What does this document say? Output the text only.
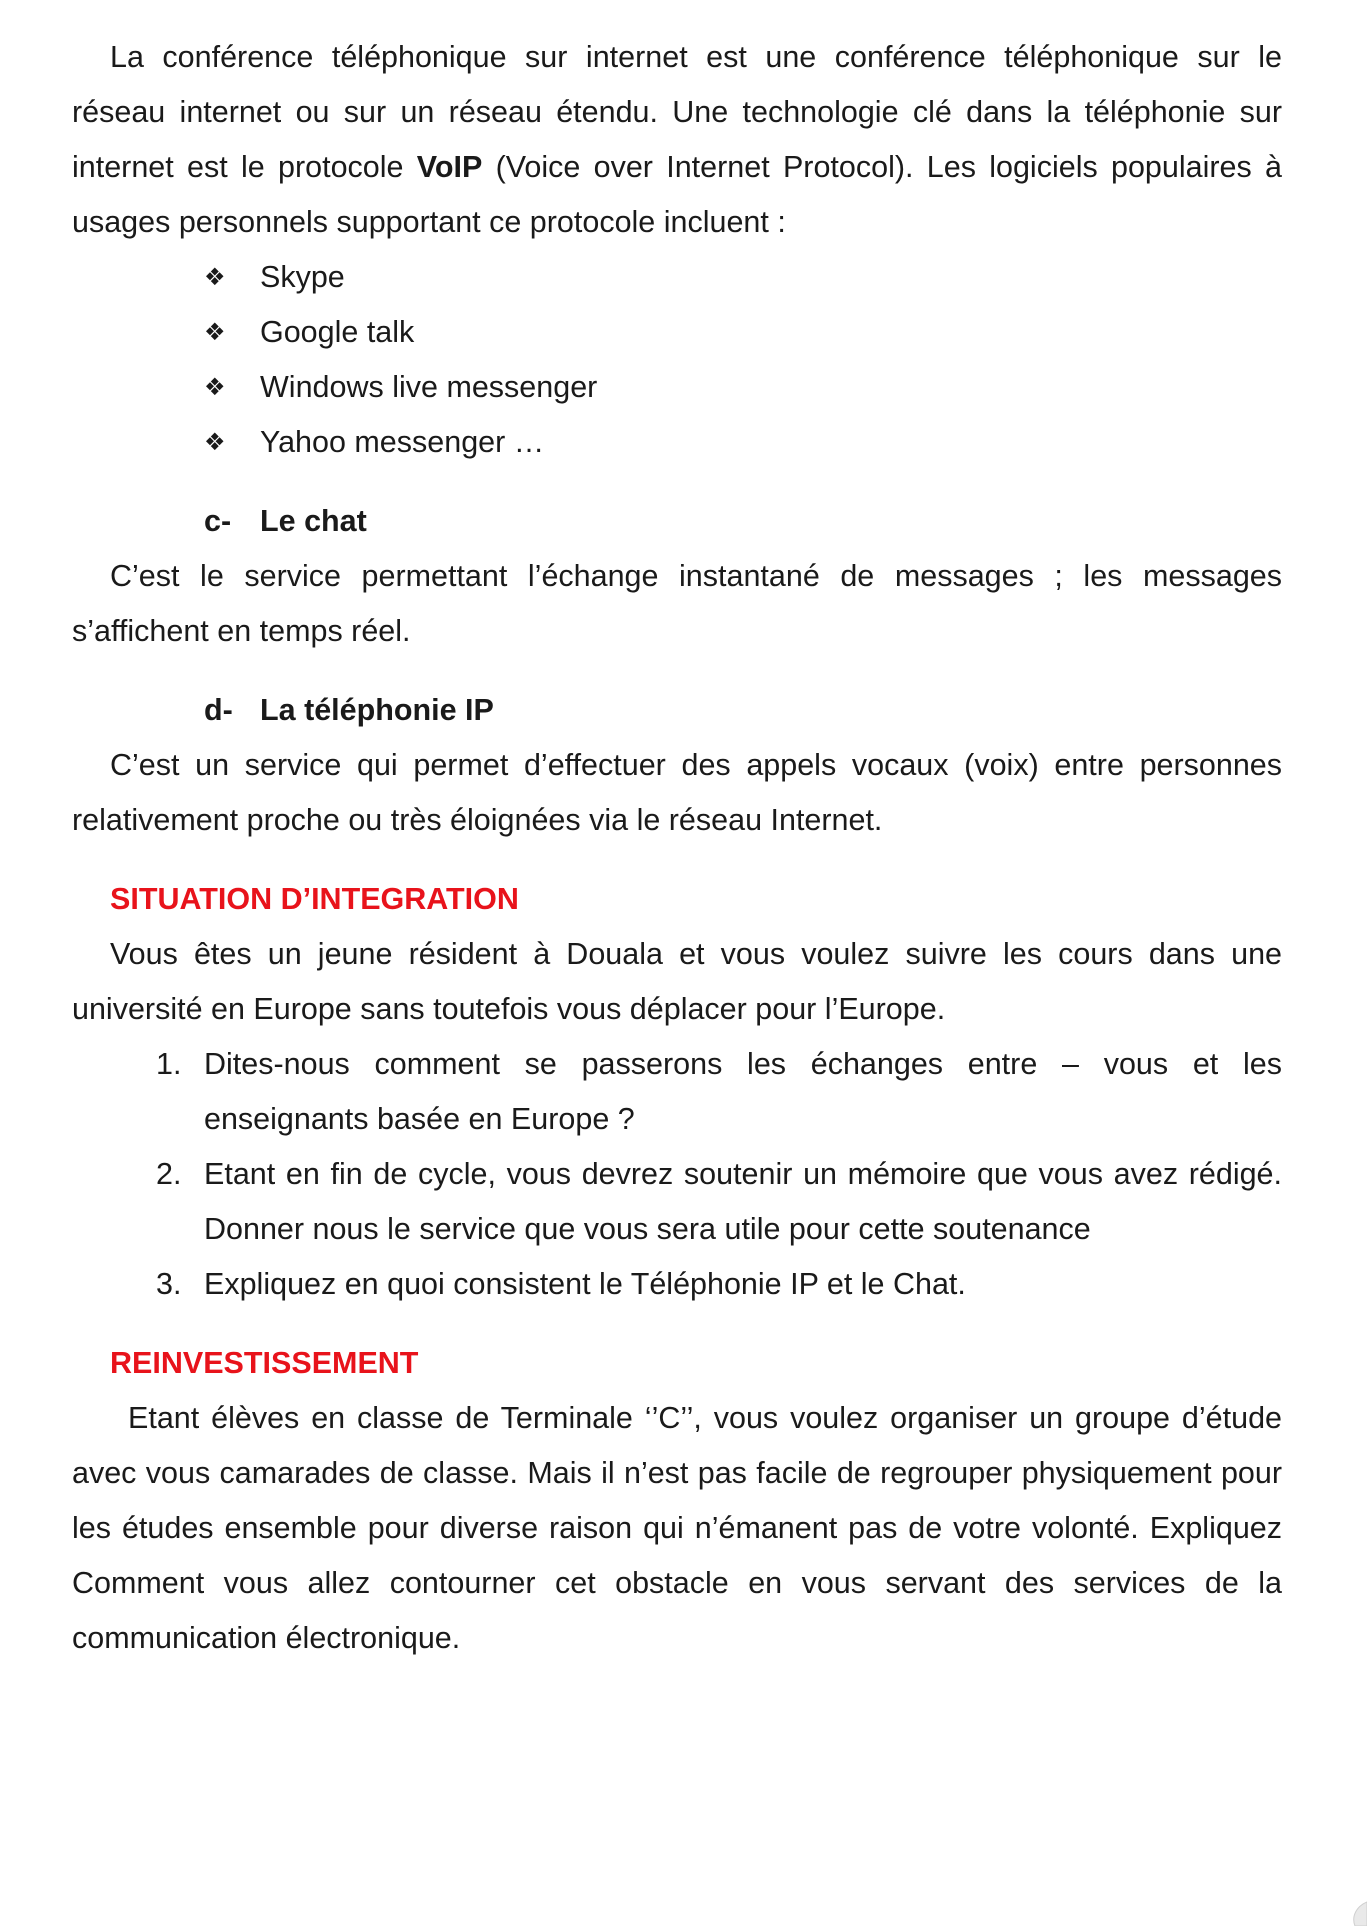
La conférence téléphonique sur internet est une conférence téléphonique sur le réseau internet ou sur un réseau étendu. Une technologie clé dans la téléphonie sur internet est le protocole VoIP (Voice over Internet Protocol). Les logiciels populaires à usages personnels supportant ce protocole incluent :

❖ Skype
❖ Google talk
❖ Windows live messenger
❖ Yahoo messenger …
c- Le chat

C’est le service permettant l’échange instantané de messages ; les messages s’affichent en temps réel.

d- La téléphonie IP

C’est un service qui permet d’effectuer des appels vocaux (voix) entre personnes relativement proche ou très éloignées via le réseau Internet.

SITUATION D’INTEGRATION

Vous êtes un jeune résident à Douala et vous voulez suivre les cours dans une université en Europe sans toutefois vous déplacer pour l’Europe.

1. Dites-nous comment se passerons les échanges entre – vous et les enseignants basée en Europe ?
2. Etant en fin de cycle, vous devrez soutenir un mémoire que vous avez rédigé. Donner nous le service que vous sera utile pour cette soutenance
3. Expliquez en quoi consistent le Téléphonie IP et le Chat.
REINVESTISSEMENT

Etant élèves en classe de Terminale ‘’C’’, vous voulez organiser un groupe d’étude avec vous camarades de classe. Mais il n’est pas facile de regrouper physiquement pour les études ensemble pour diverse raison qui n’émanent pas de votre volonté. Expliquez Comment vous allez contourner cet obstacle en vous servant des services de la communication électronique.
